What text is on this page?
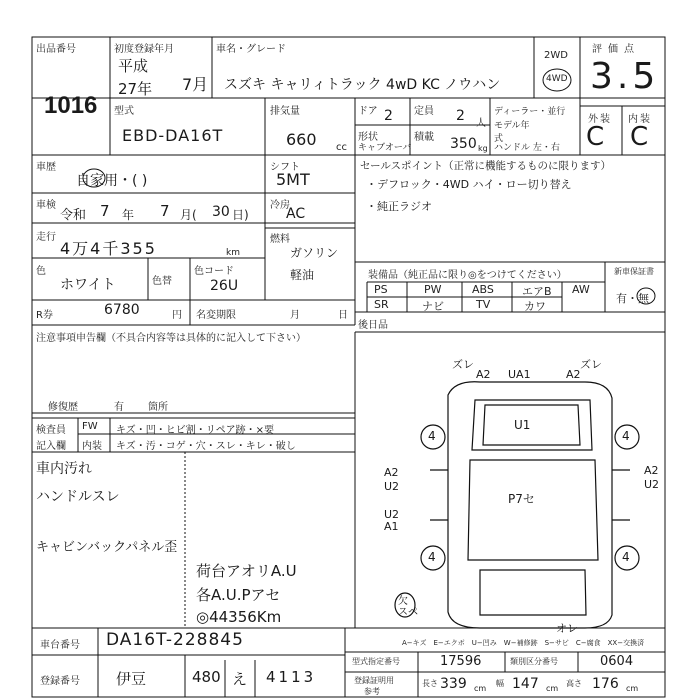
出品番号
1016
初度登録年月
平成
27年 7月
車名・グレード
スズキ キャリィトラック 4wD KC ノウハン
2WD
4WD
評価点
3.5
外装 内装
C C
型式
EBD-DA16T
排気量
660 cc
ドア 2 定員 2 人
形状
キャブオーバ
積載 350 kg
ディーラー・並行
モデル年式
ハンドル 左・右
車歴
自家用・( )
シフト
5MT
車検
令和 7 年 7 月( 30 日)
冷房
AC
走行
4万4千355	km
燃料
ガソリン
軽油
色
ホワイト	色替
色コード
26U
R券	6780	円 名変期限	月	日
セールスポイント（正常に機能するものに限ります）
・デフロック・4WD ハイ・ロー切り替え
・純正ラジオ
装備品（純正品に限り◎をつけてください）	新車保証書
有・無
PS	PW	ABS	エアB AW
SR	ナビ	TV	カワ
後日品
注意事項申告欄（不具合内容等は具体的に記入して下さい）
修復歴	有 箇所
検査員
記入欄
FW キズ・凹・ヒビ割・リペア跡・×要
内装 キズ・汚・コゲ・穴・スレ・キレ・破し
車内汚れ
ハンドルスレ
キャビンバックパネル歪
荷台アオリA.U
各A.U.Pアセ
◎44356Km
ズレ
A2 UA1	A2
ズレ
U1
P7セ
A2
U2
U2
A1
A2
U2
4	4
4	4
欠
スペ
オレ
A−キズ　E−エクボ　U−凹み　W−補修跡　S−サビ　C−腐食　XX−交換済
車台番号 DA16T-228845
登録番号 伊豆	480 え 4113
型式指定番号	17596	類別区分番号	0604
登録証明用
参考
長さ 339 cm
幅 147 cm
高さ 176 cm
